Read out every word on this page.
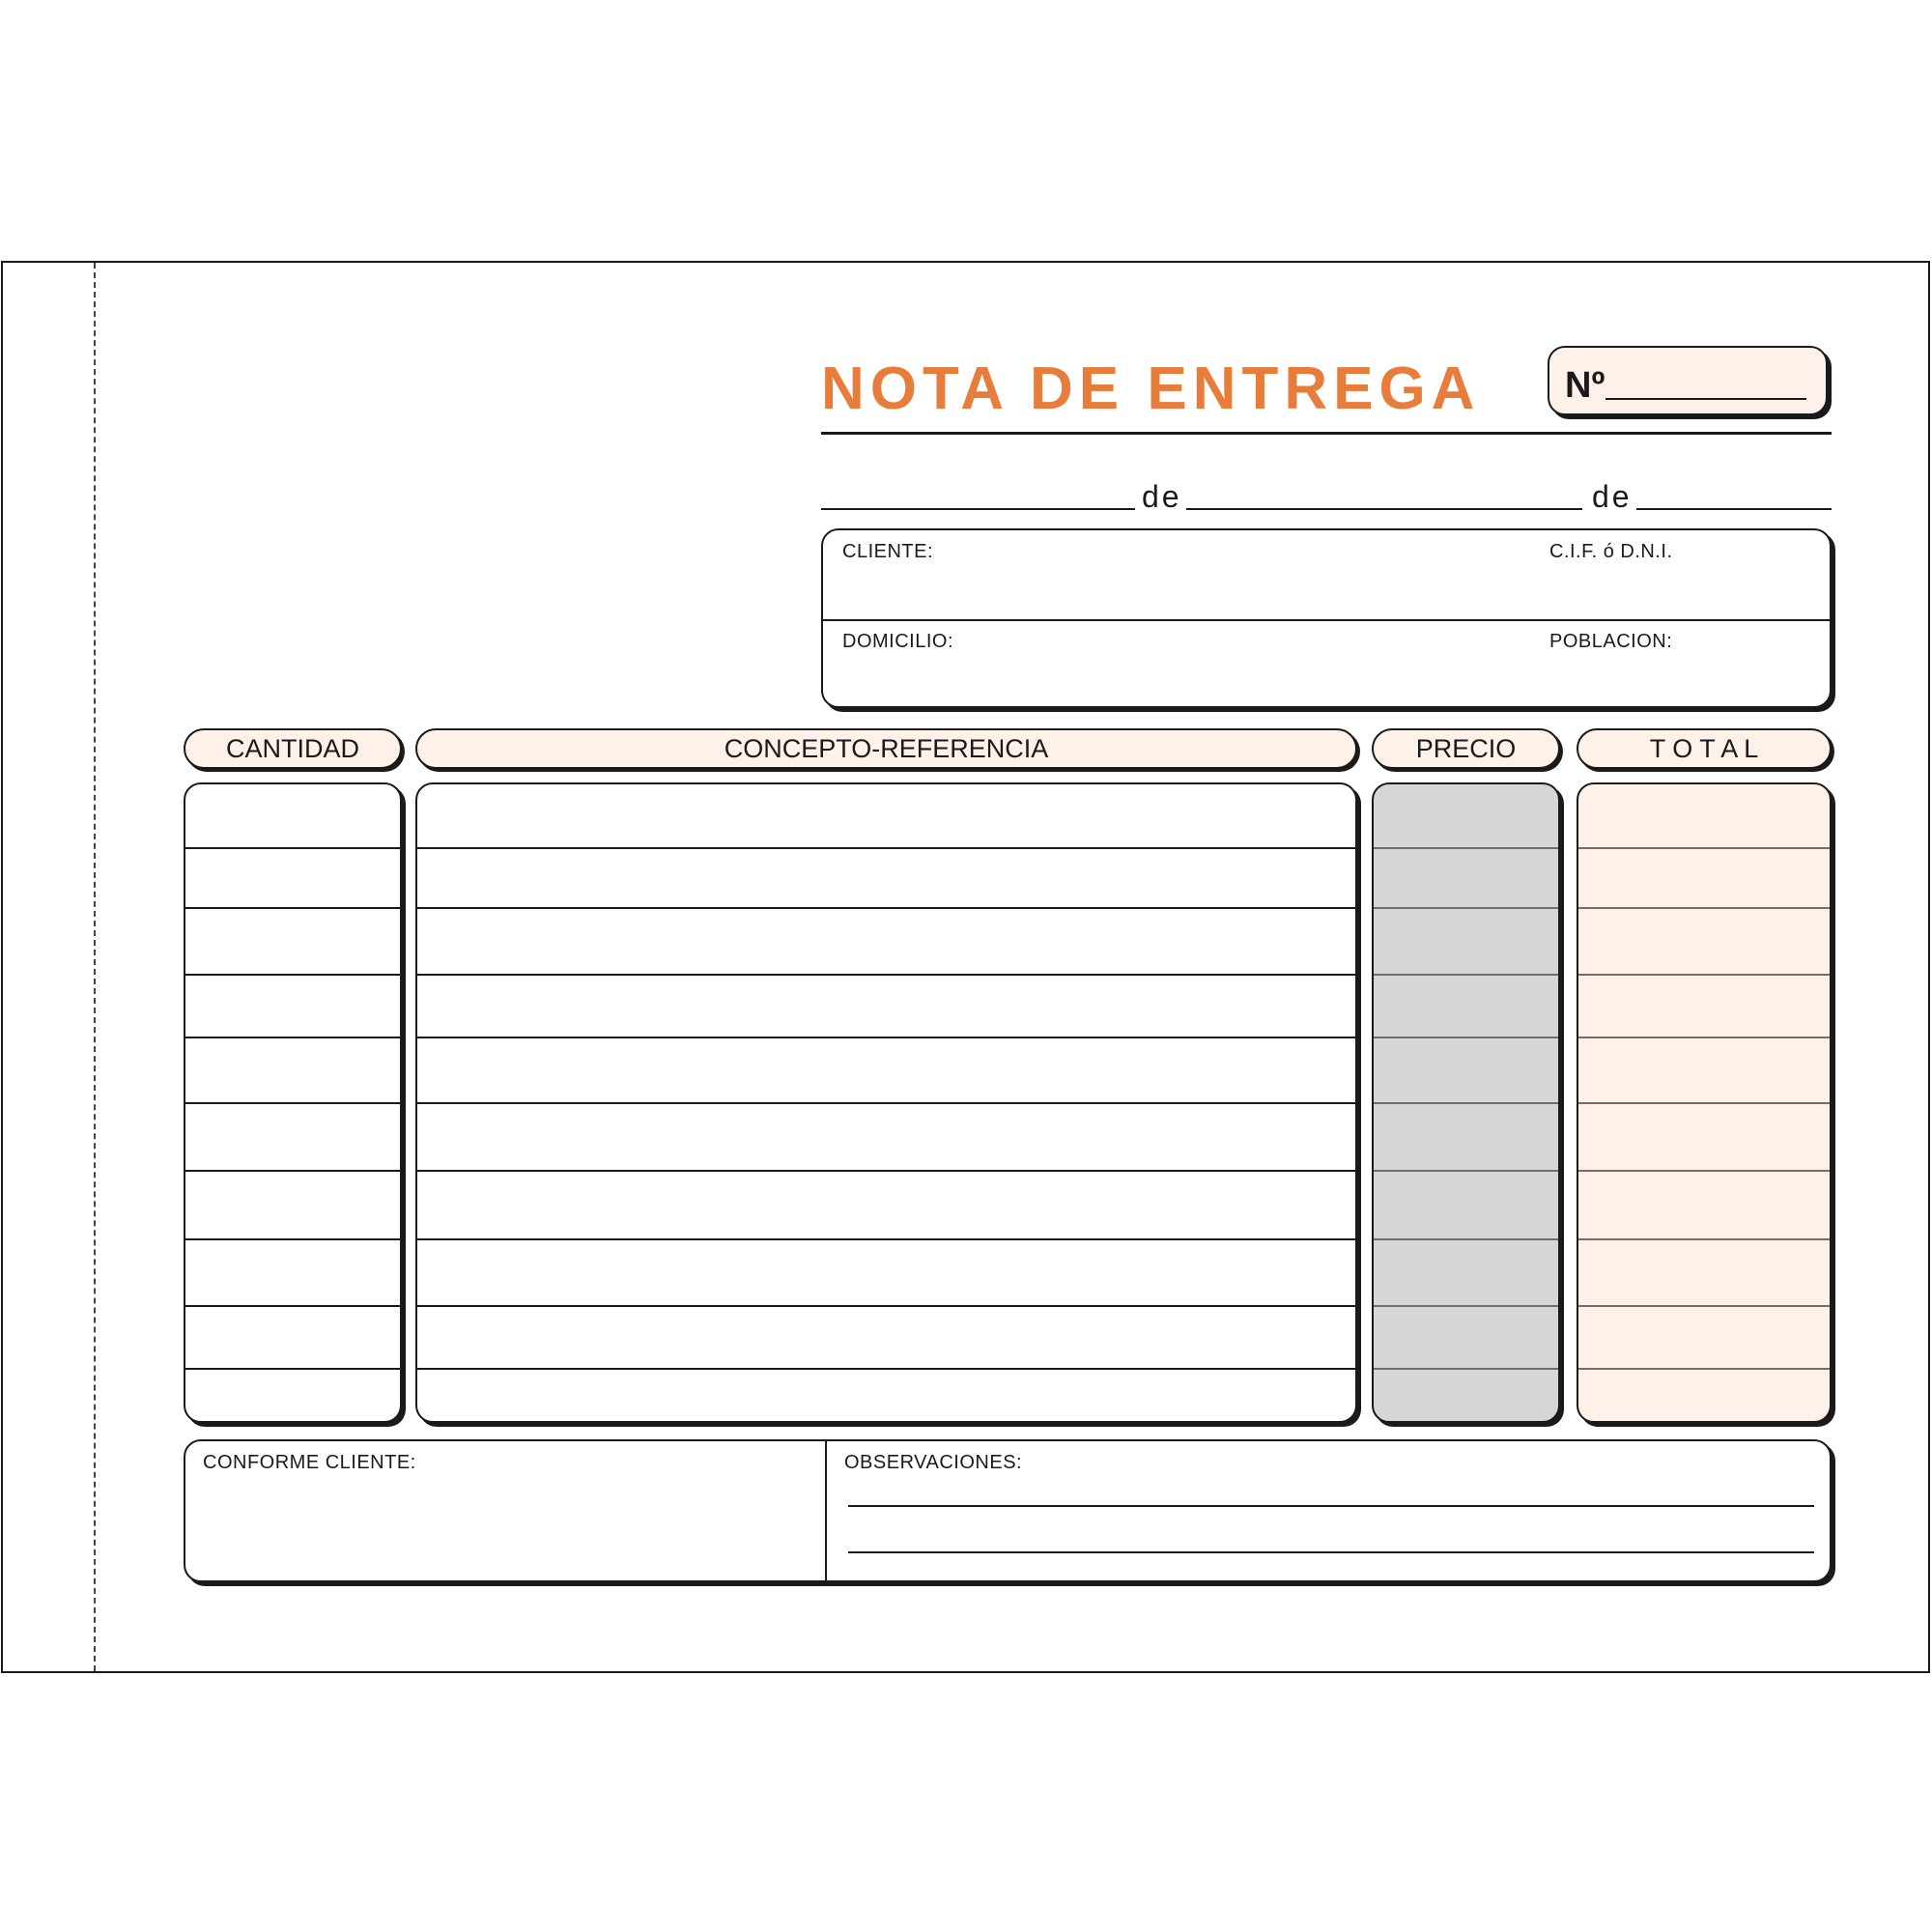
NOTA DE ENTREGA Nº
de	de
CLIENTE:	C.I.F. ó D.N.I.
DOMICILIO:	POBLACION:
CANTIDAD	CONCEPTO-REFERENCIA	PRECIO	T O T A L
CONFORME CLIENTE:	OBSERVACIONES:
